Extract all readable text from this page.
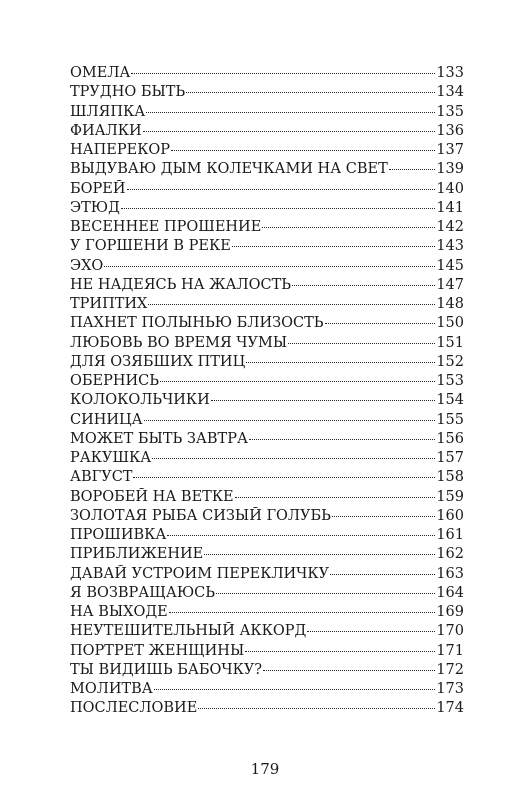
ОМЕЛА	133
ТРУДНО БЫТЬ	134
ШЛЯПКА	135
ФИАЛКИ	136
НАПЕРЕКОР	137
ВЫДУВАЮ ДЫМ КОЛЕЧКАМИ НА СВЕТ	139
БОРЕЙ	140
ЭТЮД	141
ВЕСЕННЕЕ ПРОШЕНИЕ	142
У ГОРШЕНИ В РЕКЕ	143
ЭХО	145
НЕ НАДЕЯСЬ НА ЖАЛОСТЬ	147
ТРИПТИХ	148
ПАХНЕТ ПОЛЫНЬЮ БЛИЗОСТЬ	150
ЛЮБОВЬ ВО ВРЕМЯ ЧУМЫ	151
ДЛЯ ОЗЯБШИХ ПТИЦ	152
ОБЕРНИСЬ	153
КОЛОКОЛЬЧИКИ	154
СИНИЦА	155
МОЖЕТ БЫТЬ ЗАВТРА	156
РАКУШКА	157
АВГУСТ	158
ВОРОБЕЙ НА ВЕТКЕ	159
ЗОЛОТАЯ РЫБА СИЗЫЙ ГОЛУБЬ	160
ПРОШИВКА	161
ПРИБЛИЖЕНИЕ	162
ДАВАЙ УСТРОИМ ПЕРЕКЛИЧКУ	163
Я ВОЗВРАЩАЮСЬ	164
НА ВЫХОДЕ	169
НЕУТЕШИТЕЛЬНЫЙ АККОРД	170
ПОРТРЕТ ЖЕНЩИНЫ	171
ТЫ ВИДИШЬ БАБОЧКУ?	172
МОЛИТВА	173
ПОСЛЕСЛОВИЕ	174
179
